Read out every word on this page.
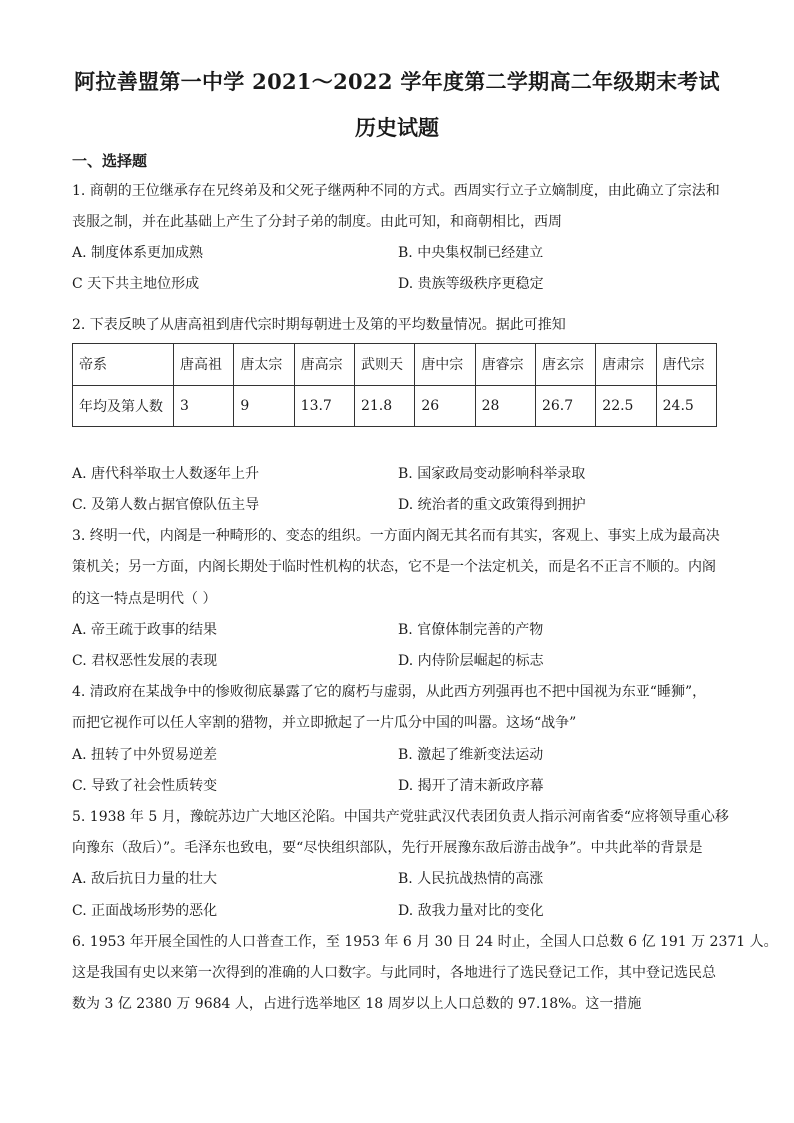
阿拉善盟第一中学 2021～2022 学年度第二学期高二年级期末考试
历史试题
一、选择题
1. 商朝的王位继承存在兄终弟及和父死子继两种不同的方式。西周实行立子立嫡制度，由此确立了宗法和
丧服之制，并在此基础上产生了分封子弟的制度。由此可知，和商朝相比，西周
A. 制度体系更加成熟	B. 中央集权制已经建立
C 天下共主地位形成	D. 贵族等级秩序更稳定
2. 下表反映了从唐高祖到唐代宗时期每朝进士及第的平均数量情况。据此可推知
帝系	唐高祖	唐太宗	唐高宗	武则天	唐中宗	唐睿宗	唐玄宗	唐肃宗	唐代宗
年均及第人数	3	9	13.7	21.8	26	28	26.7	22.5	24.5
A. 唐代科举取士人数逐年上升	B. 国家政局变动影响科举录取
C. 及第人数占据官僚队伍主导	D. 统治者的重文政策得到拥护
3. 终明一代，内阁是一种畸形的、变态的组织。一方面内阁无其名而有其实，客观上、事实上成为最高决
策机关；另一方面，内阁长期处于临时性机构的状态，它不是一个法定机关，而是名不正言不顺的。内阁
的这一特点是明代（ ）
A. 帝王疏于政事的结果	B. 官僚体制完善的产物
C. 君权恶性发展的表现	D. 内侍阶层崛起的标志
4. 清政府在某战争中的惨败彻底暴露了它的腐朽与虚弱，从此西方列强再也不把中国视为东亚“睡狮”，
而把它视作可以任人宰割的猎物，并立即掀起了一片瓜分中国的叫嚣。这场“战争”
A. 扭转了中外贸易逆差	B. 激起了维新变法运动
C. 导致了社会性质转变	D. 揭开了清末新政序幕
5. 1938 年 5 月，豫皖苏边广大地区沦陷。中国共产党驻武汉代表团负责人指示河南省委“应将领导重心移
向豫东（敌后）”。毛泽东也致电，要“尽快组织部队，先行开展豫东敌后游击战争”。中共此举的背景是
A. 敌后抗日力量的壮大	B. 人民抗战热情的高涨
C. 正面战场形势的恶化	D. 敌我力量对比的变化
6. 1953 年开展全国性的人口普查工作，至 1953 年 6 月 30 日 24 时止，全国人口总数 6 亿 191 万 2371 人。
这是我国有史以来第一次得到的准确的人口数字。与此同时，各地进行了选民登记工作，其中登记选民总
数为 3 亿 2380 万 9684 人，占进行选举地区 18 周岁以上人口总数的 97.18%。这一措施
